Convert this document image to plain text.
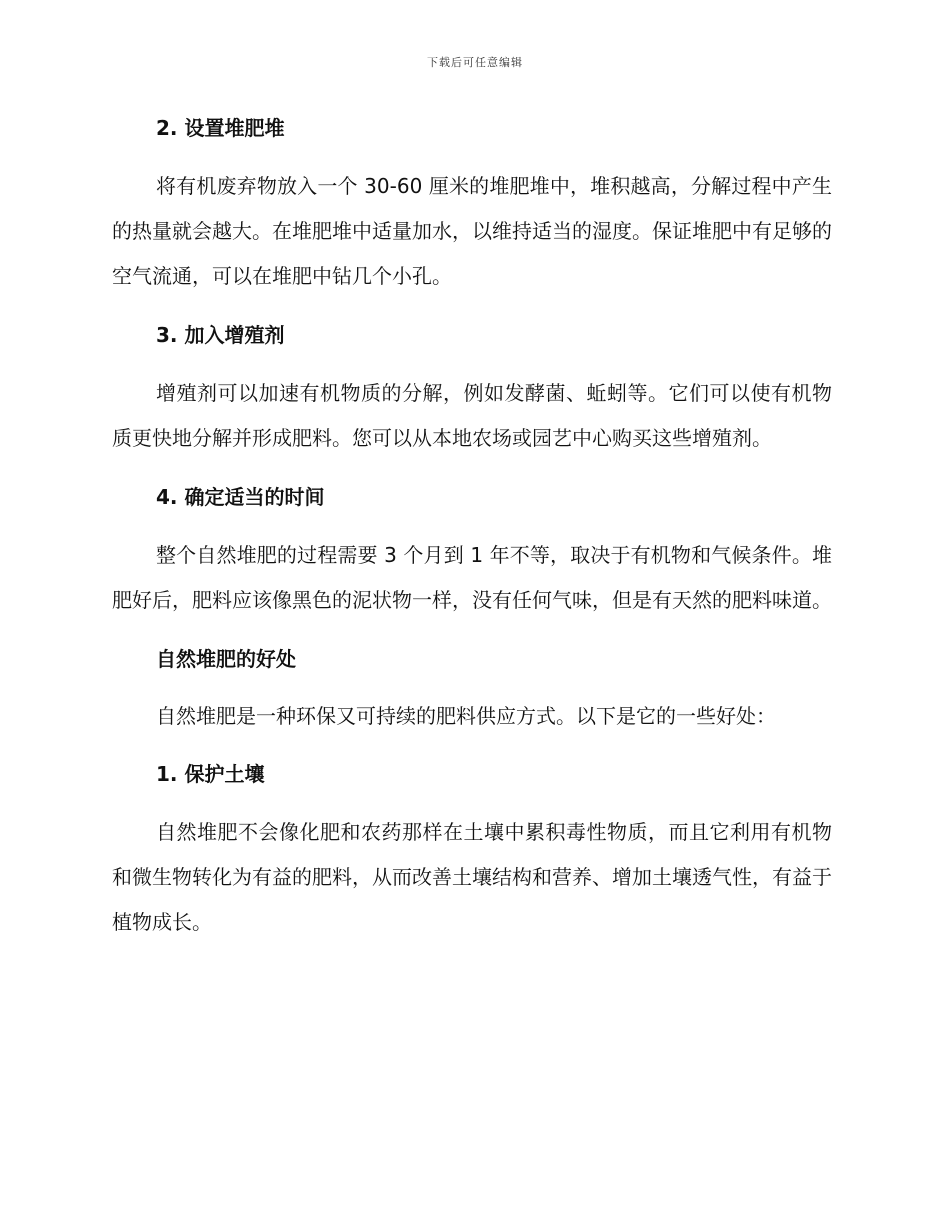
下载后可任意编辑

2. 设置堆肥堆

将有机废弃物放入一个 30-60 厘米的堆肥堆中，堆积越高，分解过程中产生的热量就会越大。在堆肥堆中适量加水，以维持适当的湿度。保证堆肥中有足够的空气流通，可以在堆肥中钻几个小孔。

3. 加入增殖剂

增殖剂可以加速有机物质的分解，例如发酵菌、蚯蚓等。它们可以使有机物质更快地分解并形成肥料。您可以从本地农场或园艺中心购买这些增殖剂。

4. 确定适当的时间

整个自然堆肥的过程需要 3 个月到 1 年不等，取决于有机物和气候条件。堆肥好后，肥料应该像黑色的泥状物一样，没有任何气味，但是有天然的肥料味道。

自然堆肥的好处

自然堆肥是一种环保又可持续的肥料供应方式。以下是它的一些好处：

1. 保护土壤

自然堆肥不会像化肥和农药那样在土壤中累积毒性物质，而且它利用有机物和微生物转化为有益的肥料，从而改善土壤结构和营养、增加土壤透气性，有益于植物成长。
